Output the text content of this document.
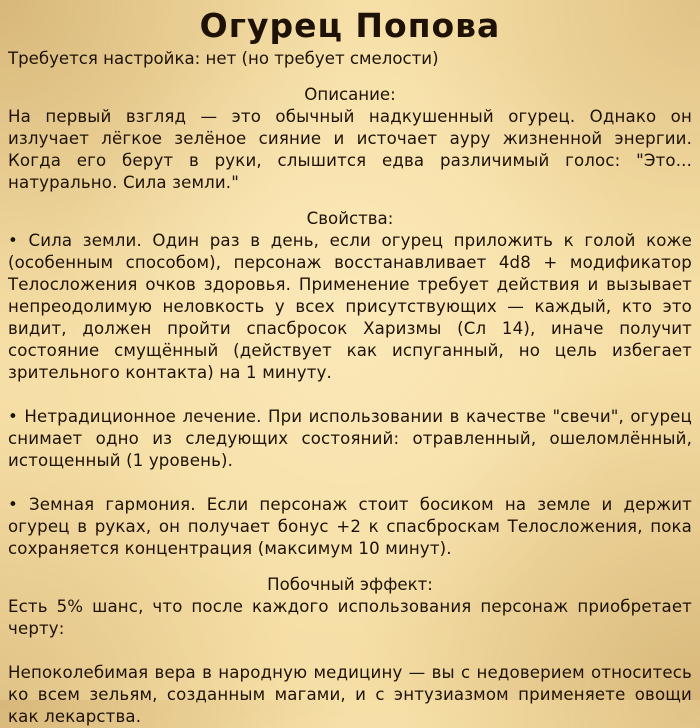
Огурец Попова

Требуется настройка: нет (но требует смелости)

Описание:

На первый взгляд — это обычный надкушенный огурец. Однако он излучает лёгкое зелёное сияние и источает ауру жизненной энергии. Когда его берут в руки, слышится едва различимый голос: "Это... натурально. Сила земли."

Свойства:

• Сила земли. Один раз в день, если огурец приложить к голой коже (особенным способом), персонаж восстанавливает 4d8 + модификатор Телосложения очков здоровья. Применение требует действия и вызывает непреодолимую неловкость у всех присутствующих — каждый, кто это видит, должен пройти спасбросок Харизмы (Сл 14), иначе получит состояние смущённый (действует как испуганный, но цель избегает зрительного контакта) на 1 минуту.

• Нетрадиционное лечение. При использовании в качестве "свечи", огурец снимает одно из следующих состояний: отравленный, ошеломлённый, истощенный (1 уровень).

• Земная гармония. Если персонаж стоит босиком на земле и держит огурец в руках, он получает бонус +2 к спасброскам Телосложения, пока сохраняется концентрация (максимум 10 минут).

Побочный эффект:

Есть 5% шанс, что после каждого использования персонаж приобретает черту:

Непоколебимая вера в народную медицину — вы с недоверием относитесь ко всем зельям, созданным магами, и с энтузиазмом применяете овощи как лекарства.
